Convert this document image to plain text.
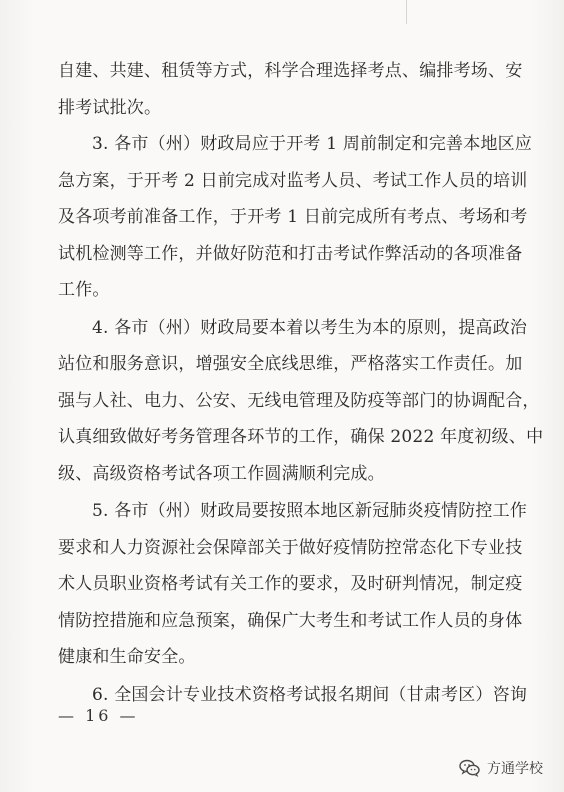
自建、共建、租赁等方式，科学合理选择考点、编排考场、安
排考试批次。
3. 各市（州）财政局应于开考 1 周前制定和完善本地区应
急方案，于开考 2 日前完成对监考人员、考试工作人员的培训
及各项考前准备工作，于开考 1 日前完成所有考点、考场和考
试机检测等工作，并做好防范和打击考试作弊活动的各项准备
工作。
4. 各市（州）财政局要本着以考生为本的原则，提高政治
站位和服务意识，增强安全底线思维，严格落实工作责任。加
强与人社、电力、公安、无线电管理及防疫等部门的协调配合，
认真细致做好考务管理各环节的工作，确保 2022 年度初级、中
级、高级资格考试各项工作圆满顺利完成。
5. 各市（州）财政局要按照本地区新冠肺炎疫情防控工作
要求和人力资源社会保障部关于做好疫情防控常态化下专业技
术人员职业资格考试有关工作的要求，及时研判情况，制定疫
情防控措施和应急预案，确保广大考生和考试工作人员的身体
健康和生命安全。
6. 全国会计专业技术资格考试报名期间（甘肃考区）咨询
— 16 —
方通学校
